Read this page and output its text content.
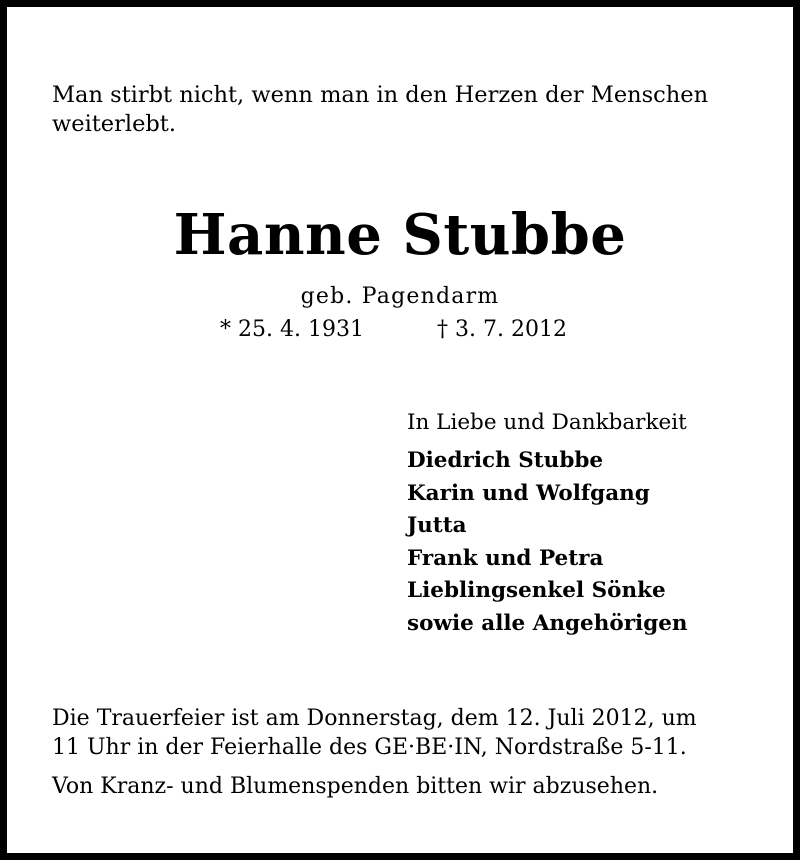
Man stirbt nicht, wenn man in den Herzen der Menschen weiterlebt.

Hanne Stubbe
geb. Pagendarm
* 25. 4. 1931	† 3. 7. 2012

In Liebe und Dankbarkeit

Diedrich Stubbe
Karin und Wolfgang
Jutta
Frank und Petra
Lieblingsenkel Sönke
sowie alle Angehörigen

Die Trauerfeier ist am Donnerstag, dem 12. Juli 2012, um
11 Uhr in der Feierhalle des GE·BE·IN, Nordstraße 5-11.

Von Kranz- und Blumenspenden bitten wir abzusehen.
